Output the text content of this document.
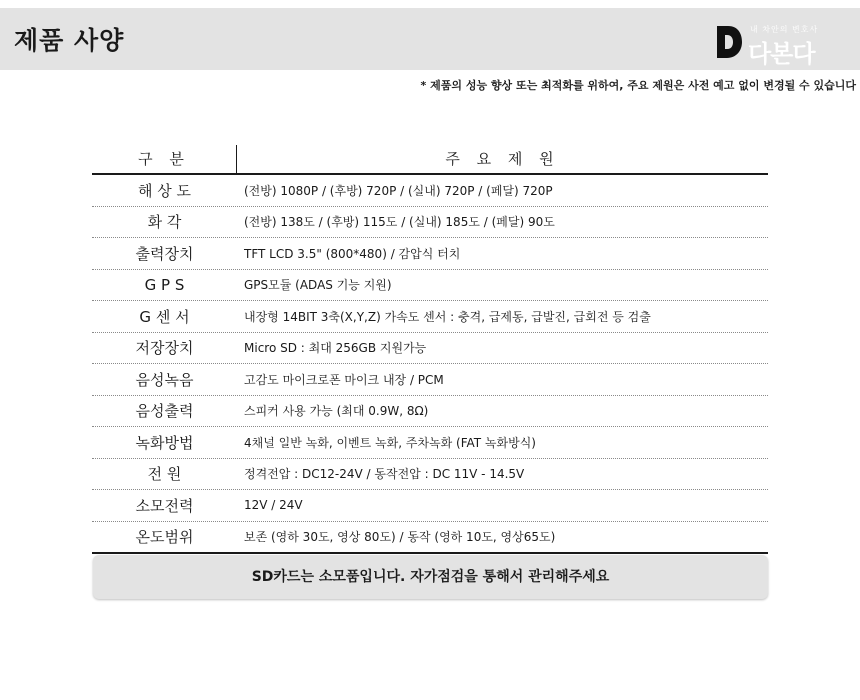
제품 사양	내 차안의 변호사
다본다
* 제품의 성능 향상 또는 최적화를 위하여, 주요 제원은 사전 예고 없이 변경될 수 있습니다
구 분	주 요 제 원
해 상 도	(전방) 1080P / (후방) 720P / (실내) 720P / (페달) 720P
화 각	(전방) 138도 / (후방) 115도 / (실내) 185도 / (페달) 90도
출력장치	TFT LCD 3.5" (800*480) / 감압식 터치
G P S	GPS모듈 (ADAS 기능 지원)
G 센 서	내장형 14BIT 3축(X,Y,Z) 가속도 센서 : 충격, 급제동, 급발진, 급회전 등 검출
저장장치	Micro SD : 최대 256GB 지원가능
음성녹음	고감도 마이크로폰 마이크 내장 / PCM
음성출력	스피커 사용 가능 (최대 0.9W, 8Ω)
녹화방법	4채널 일반 녹화, 이벤트 녹화, 주차녹화 (FAT 녹화방식)
전 원	정격전압 : DC12-24V / 동작전압 : DC 11V - 14.5V
소모전력	12V / 24V
온도범위	보존 (영하 30도, 영상 80도) / 동작 (영하 10도, 영상65도)
SD카드는 소모품입니다. 자가점검을 통해서 관리해주세요
